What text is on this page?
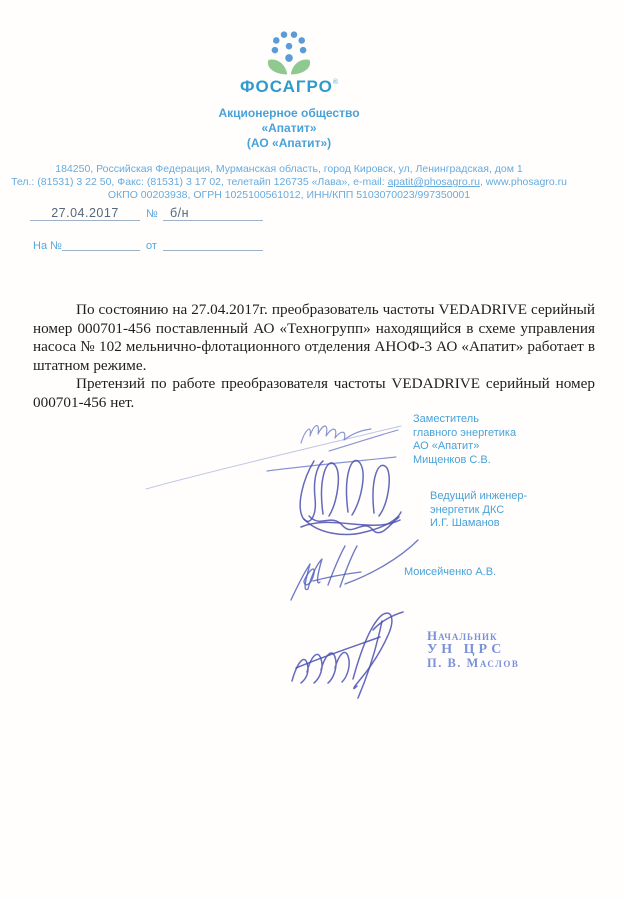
ФОСАГРО®
Акционерное общество
«Апатит»
(АО «Апатит»)
184250, Российская Федерация, Мурманская область, город Кировск, ул, Ленинградская, дом 1
Тел.: (81531) 3 22 50, Факс: (81531) 3 17 02, телетайп 126735 «Лава», e-mail: apatit@phosagro.ru, www.phosagro.ru
ОКПО 00203938, ОГРН 1025100561012, ИНН/КПП 5103070023/997350001
27.04.2017	№ б/н
На №	от

По состоянию на 27.04.2017г. преобразователь частоты VEDADRIVE серийный номер 000701-456 поставленный АО «Техногрупп» находящийся в схеме управления насоса № 102 мельнично-флотационного отделения АНОФ-3 АО «Апатит» работает в штатном режиме.

Претензий по работе преобразователя частоты VEDADRIVE серийный номер 000701-456 нет.

Заместитель
главного энергетика
АО «Апатит»
Мищенков С.В.
Ведущий инженер-
энергетик ДКС
И.Г. Шаманов
Моисейченко А.В.
Начальник
УН ЦРС
П. В. Маслов
